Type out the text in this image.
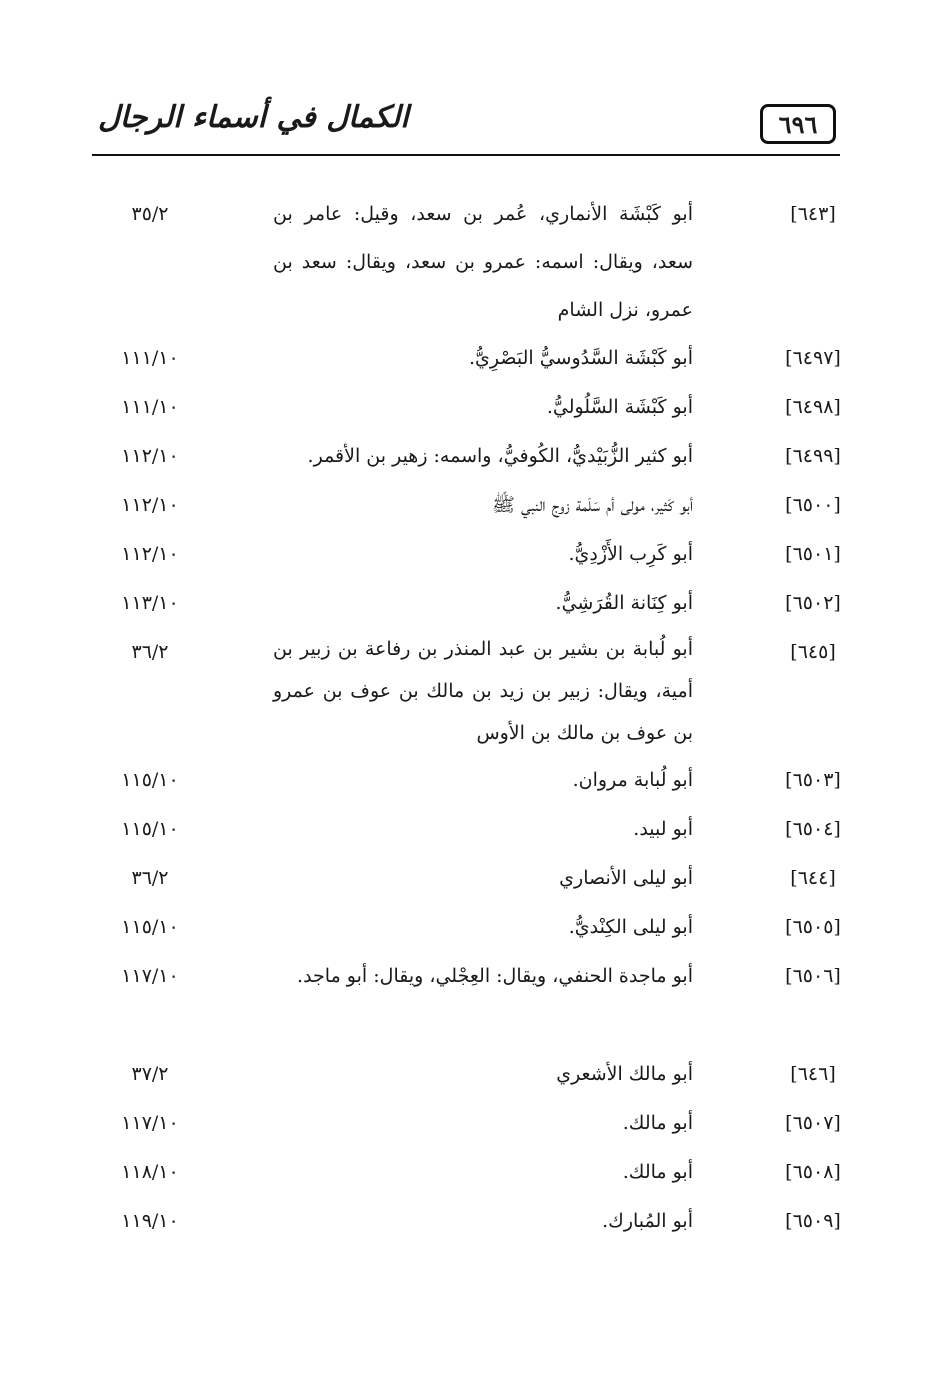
الكمال في أسماء الرجال	٦٩٦
[٦٤٣]
أبو كَبْشَة الأنماري، عُمر بن سعد، وقيل: عامر بن سعد، ويقال: اسمه: عمرو بن سعد، ويقال: سعد بن عمرو، نزل الشام
٣٥/٢
[٦٤٩٧]
أبو كَبْشَة السَّدُوسيُّ البَصْرِيُّ.
١١١/١٠
[٦٤٩٨]
أبو كَبْشَة السَّلُوليُّ.
١١١/١٠
[٦٤٩٩]
أبو كثير الزُّبَيْديُّ، الكُوفيُّ، واسمه: زهير بن الأقمر.
١١٢/١٠
[٦٥٠٠]
أبو كَثير، مولى أم سَلَمة زوج النبي ﷺ
١١٢/١٠
[٦٥٠١]
أبو كَرِب الأَزْدِيُّ.
١١٢/١٠
[٦٥٠٢]
أبو كِنَانة القُرَشِيُّ.
١١٣/١٠
[٦٤٥]
أبو لُبابة بن بشير بن عبد المنذر بن رفاعة بن زبير بن أمية، ويقال: زبير بن زيد بن مالك بن عوف بن عمرو بن عوف بن مالك بن الأوس
٣٦/٢
[٦٥٠٣]
أبو لُبابة مروان.
١١٥/١٠
[٦٥٠٤]
أبو لبيد.
١١٥/١٠
[٦٤٤]
أبو ليلى الأنصاري
٣٦/٢
[٦٥٠٥]
أبو ليلى الكِنْديُّ.
١١٥/١٠
[٦٥٠٦]
أبو ماجدة الحنفي، ويقال: العِجْلي، ويقال: أبو ماجد.
١١٧/١٠
[٦٤٦]
أبو مالك الأشعري
٣٧/٢
[٦٥٠٧]
أبو مالك.
١١٧/١٠
[٦٥٠٨]
أبو مالك.
١١٨/١٠
[٦٥٠٩]
أبو المُبارك.
١١٩/١٠
